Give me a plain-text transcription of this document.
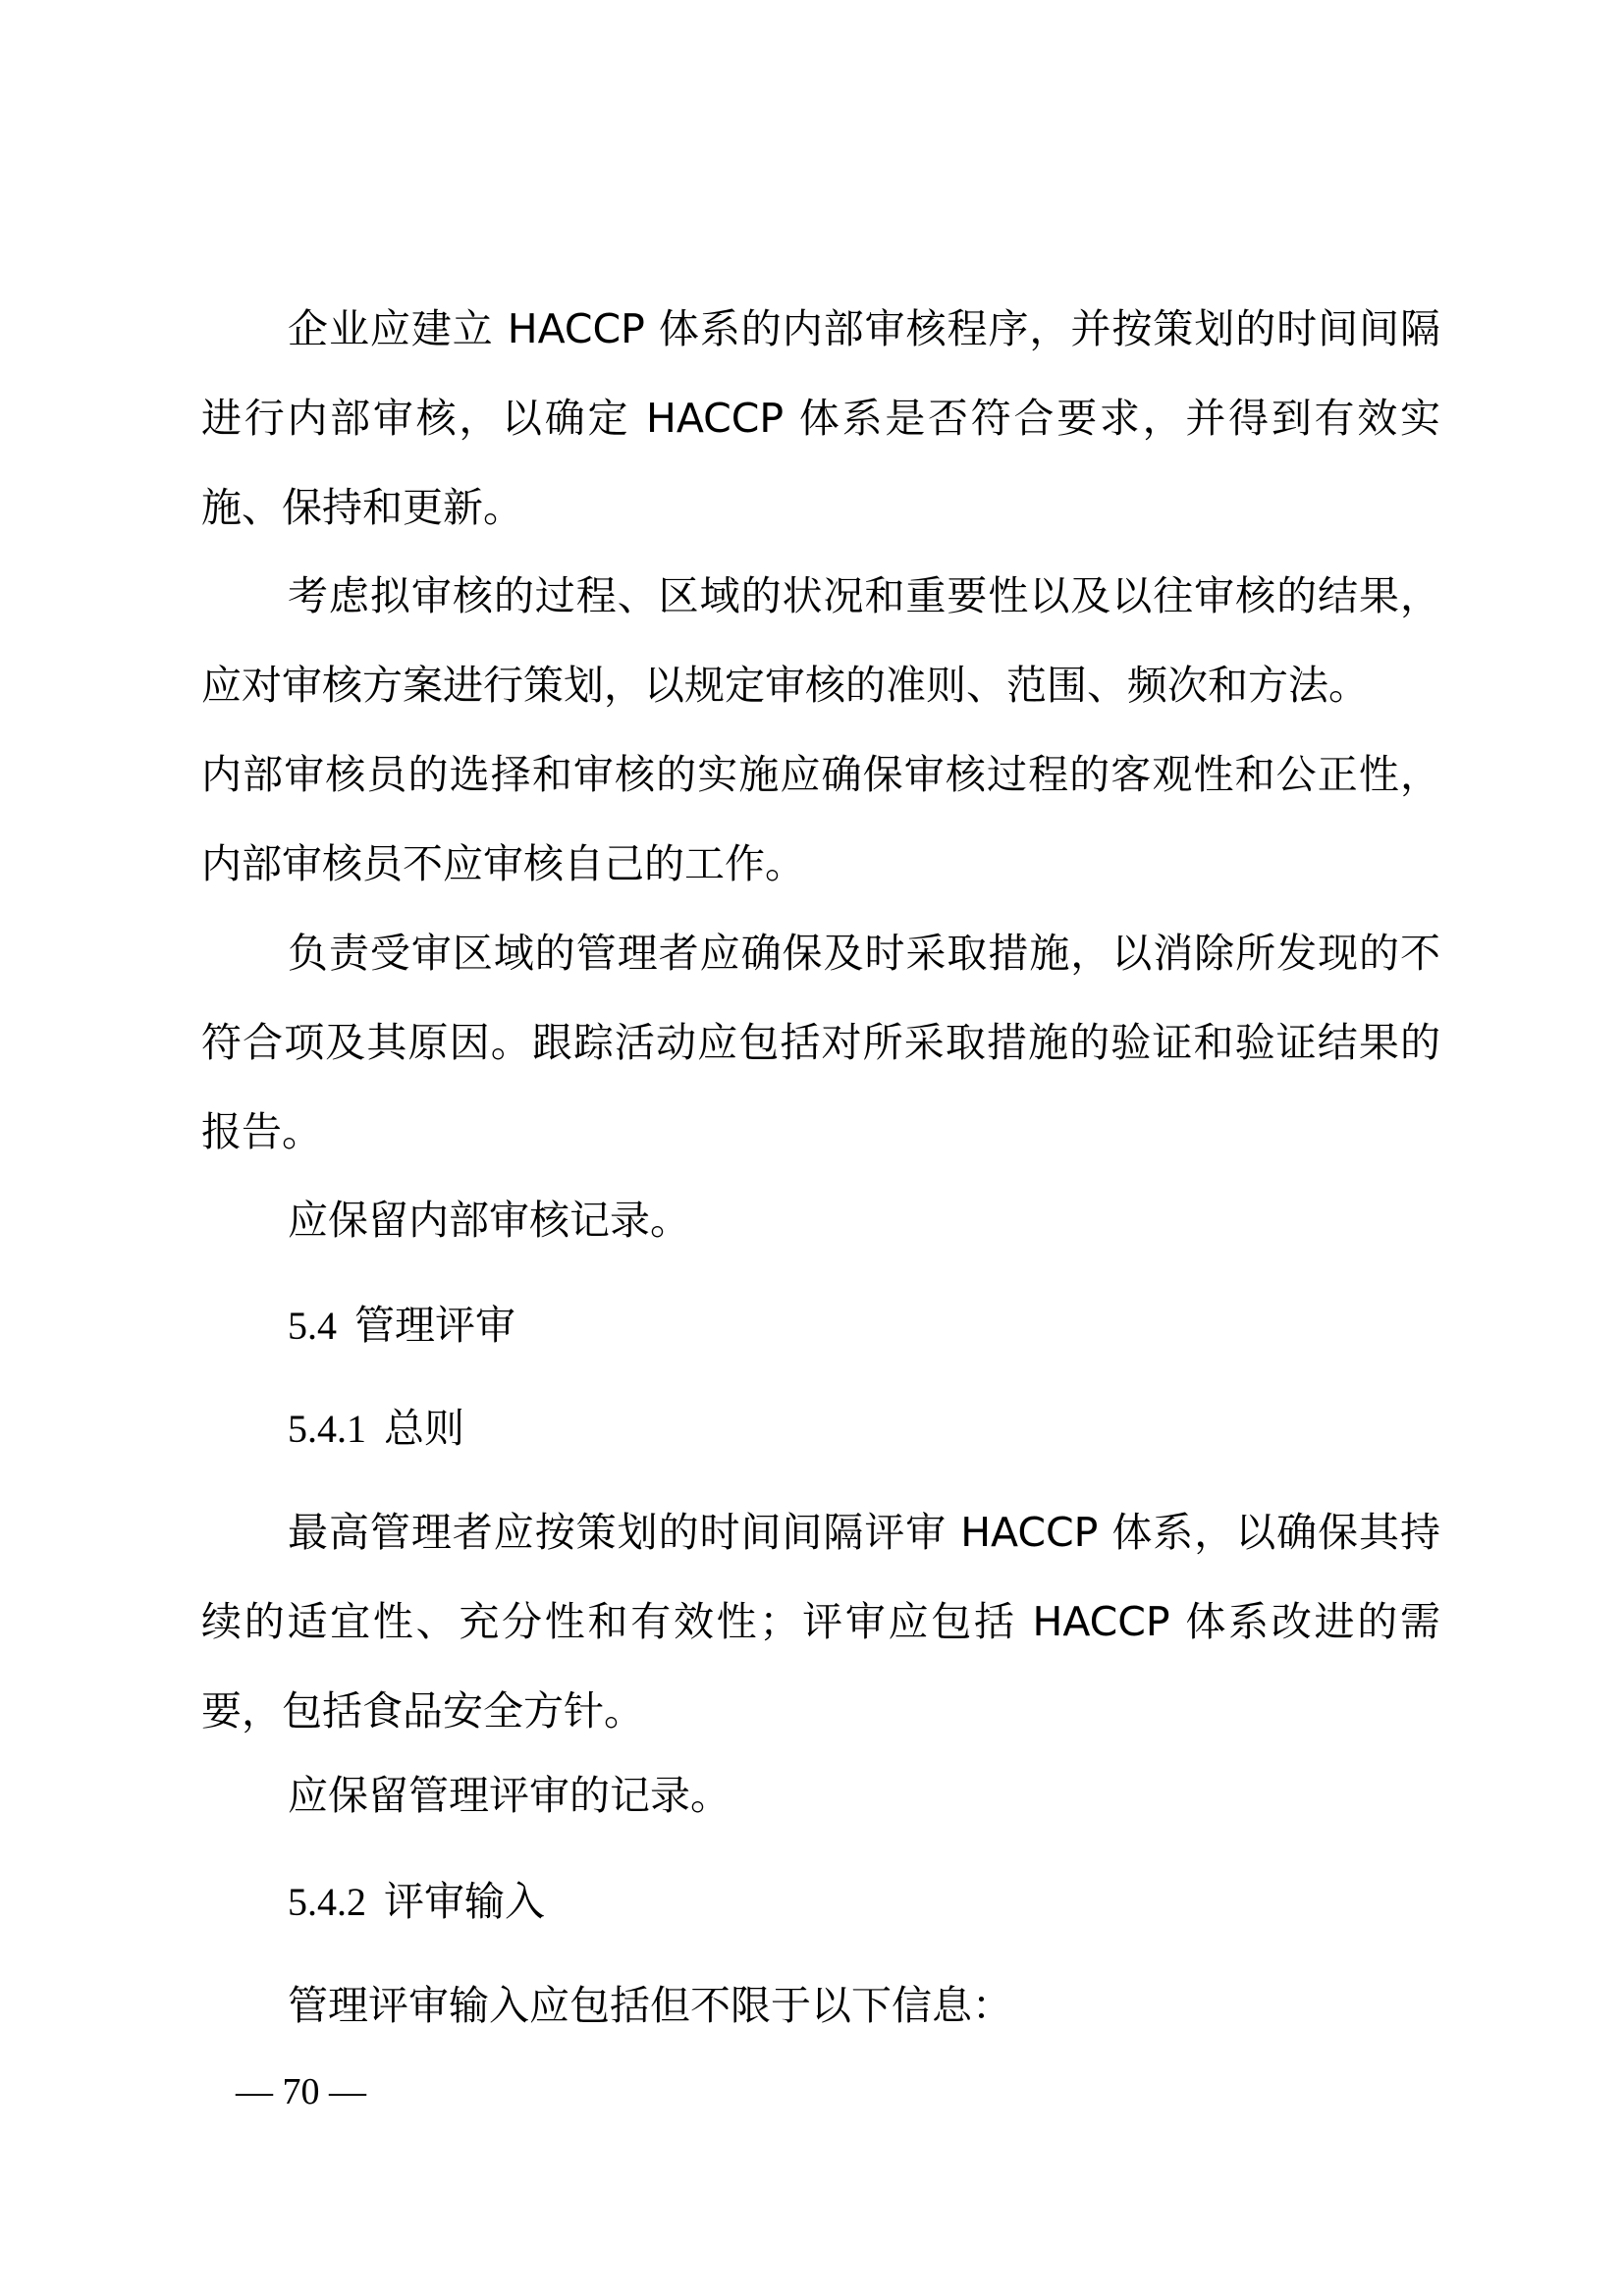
企业应建立 HACCP 体系的内部审核程序，并按策划的时间间隔进行内部审核，以确定 HACCP 体系是否符合要求，并得到有效实施、保持和更新。

考虑拟审核的过程、区域的状况和重要性以及以往审核的结果，应对审核方案进行策划，以规定审核的准则、范围、频次和方法。

内部审核员的选择和审核的实施应确保审核过程的客观性和公正性，内部审核员不应审核自己的工作。

负责受审区域的管理者应确保及时采取措施，以消除所发现的不符合项及其原因。跟踪活动应包括对所采取措施的验证和验证结果的报告。

应保留内部审核记录。

5.4 管理评审
5.4.1 总则

最高管理者应按策划的时间间隔评审 HACCP 体系，以确保其持续的适宜性、充分性和有效性；评审应包括 HACCP 体系改进的需要，包括食品安全方针。

应保留管理评审的记录。

5.4.2 评审输入

管理评审输入应包括但不限于以下信息：

— 70 —
